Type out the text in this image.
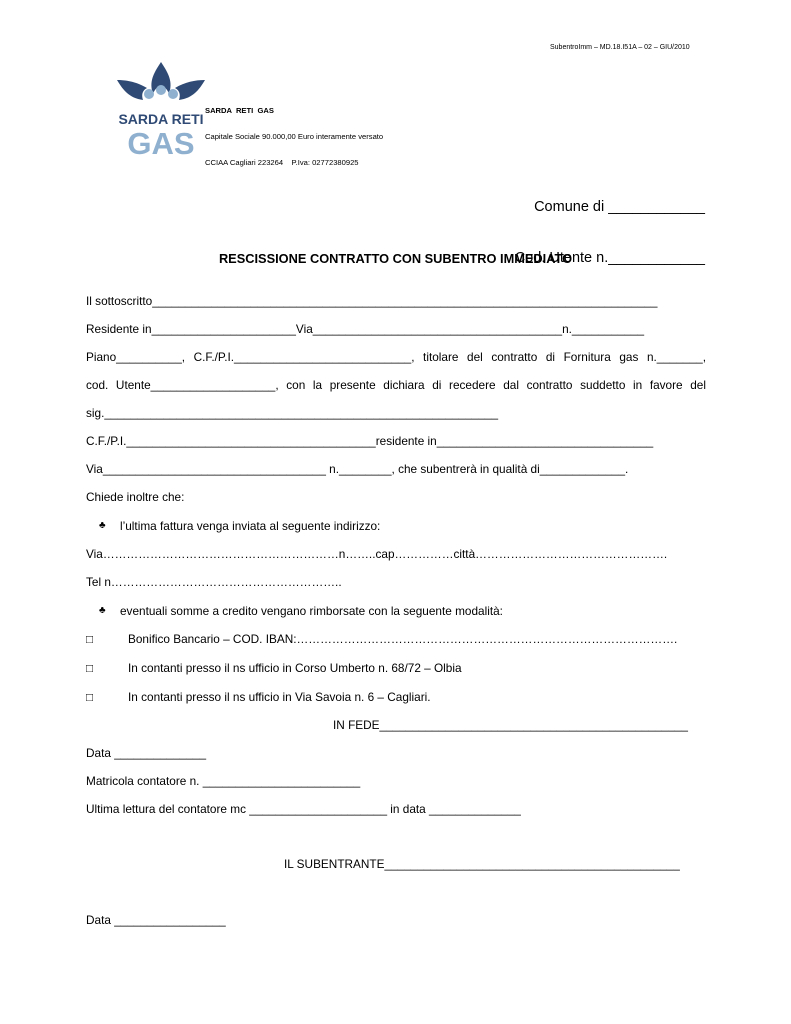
SubentroImm – MD.18.I51A – 02 – GIU/2010

SARDA RETI
GAS

SARDA  RETI  GAS

Capitale Sociale 90.000,00 Euro interamente versato

CCIAA Cagliari 223264    P.Iva: 02772380925

Comune di ____________

Cod. Utente n.____________

RESCISSIONE CONTRATTO CON SUBENTRO IMMEDIATO
Il sottoscritto_____________________________________________________________________________
Residente in______________________Via______________________________________n.___________
Piano__________, C.F./P.I.___________________________, titolare del contratto di Fornitura gas n._______,
cod. Utente___________________, con la presente dichiara di recedere dal contratto suddetto in favore del
sig.____________________________________________________________
C.F./P.I.______________________________________residente in_________________________________
Via__________________________________ n.________, che subentrerà in qualità di_____________.
Chiede inoltre che:
♣ l’ultima fattura venga inviata al seguente indirizzo:
Via……………………………………………………n……..cap……………città………………………………………….
Tel n…………………………………………………..
♣ eventuali somme a credito vengano rimborsate con la seguente modalità:
□	Bonifico Bancario – COD. IBAN:…………………………………………………………………………………….
□	In contanti presso il ns ufficio in Corso Umberto n. 68/72 – Olbia
□	In contanti presso il ns ufficio in Via Savoia n. 6 – Cagliari.
IN FEDE_______________________________________________
Data ______________
Matricola contatore n. ________________________
Ultima lettura del contatore mc _____________________ in data ______________
IL SUBENTRANTE_____________________________________________
Data _________________
